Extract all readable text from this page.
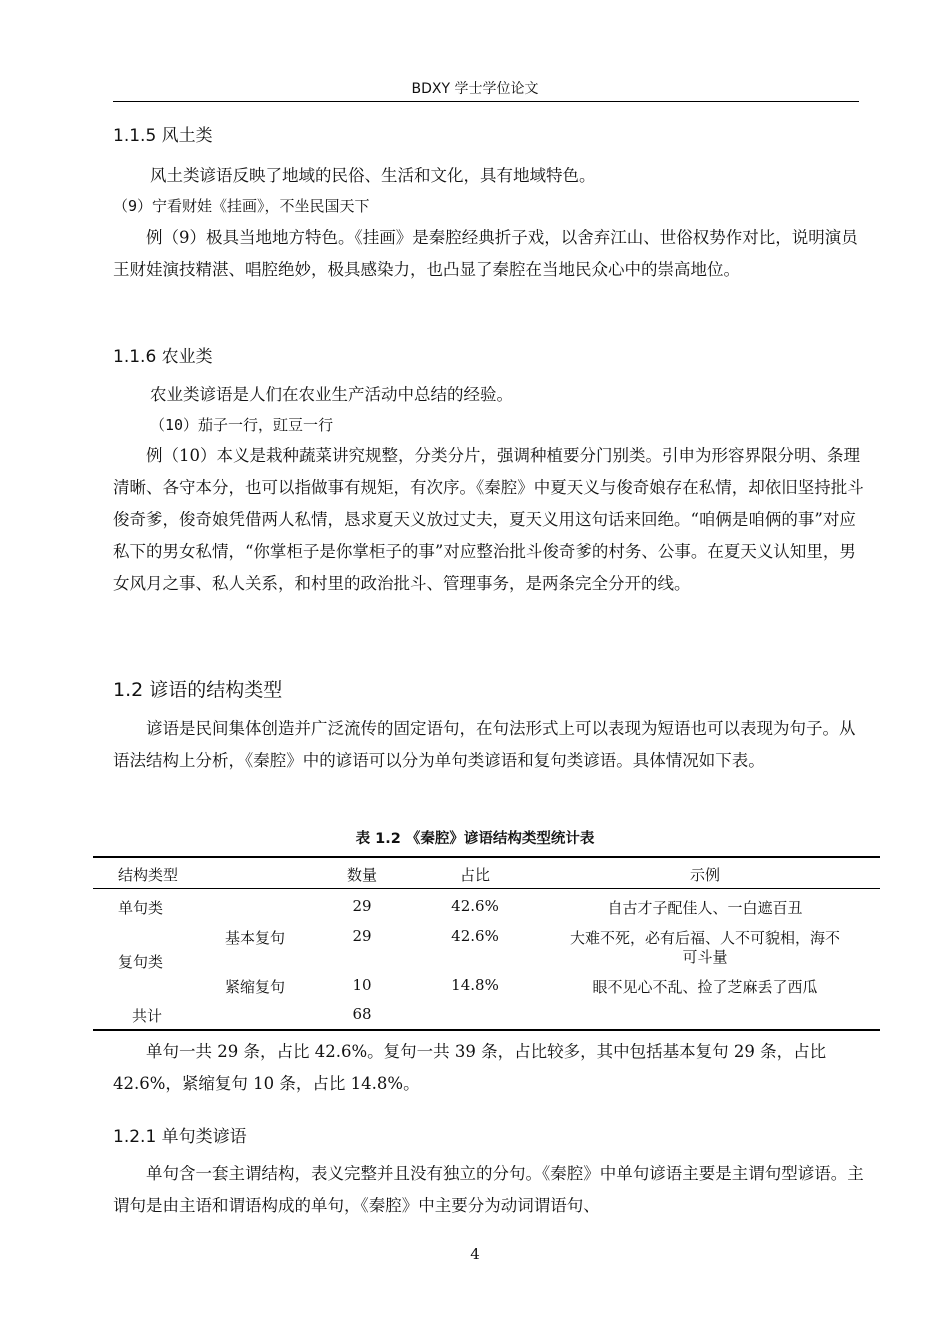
BDXY 学士学位论文
1.1.5 风土类
风土类谚语反映了地域的民俗、生活和文化，具有地域特色。
（9）宁看财娃《挂画》，不坐民国天下
例（9）极具当地地方特色。《挂画》是秦腔经典折子戏，以舍弃江山、世俗权势作对比，说明演员王财娃演技精湛、唱腔绝妙，极具感染力，也凸显了秦腔在当地民众心中的崇高地位。
1.1.6 农业类
农业类谚语是人们在农业生产活动中总结的经验。
（10）茄子一行，豇豆一行
例（10）本义是栽种蔬菜讲究规整，分类分片，强调种植要分门别类。引申为形容界限分明、条理清晰、各守本分，也可以指做事有规矩，有次序。《秦腔》中夏天义与俊奇娘存在私情，却依旧坚持批斗俊奇爹，俊奇娘凭借两人私情，恳求夏天义放过丈夫，夏天义用这句话来回绝。“咱俩是咱俩的事”对应私下的男女私情，“你掌柜子是你掌柜子的事”对应整治批斗俊奇爹的村务、公事。在夏天义认知里，男女风月之事、私人关系，和村里的政治批斗、管理事务，是两条完全分开的线。
1.2 谚语的结构类型
谚语是民间集体创造并广泛流传的固定语句，在句法形式上可以表现为短语也可以表现为句子。从语法结构上分析，《秦腔》中的谚语可以分为单句类谚语和复句类谚语。具体情况如下表。
表 1.2 《秦腔》谚语结构类型统计表
结构类型	数量	占比	示例
单句类	29	42.6%	自古才子配佳人、一白遮百丑
复句类
基本复句	29	42.6%	大难不死，必有后福、人不可貌相，海不
可斗量
紧缩复句	10	14.8%	眼不见心不乱、捡了芝麻丢了西瓜
共计	68
单句一共 29 条，占比 42.6%。复句一共 39 条，占比较多，其中包括基本复句 29 条，占比 42.6%，紧缩复句 10 条，占比 14.8%。
1.2.1 单句类谚语
单句含一套主谓结构，表义完整并且没有独立的分句。《秦腔》中单句谚语主要是主谓句型谚语。主谓句是由主语和谓语构成的单句，《秦腔》中主要分为动词谓语句、
4
